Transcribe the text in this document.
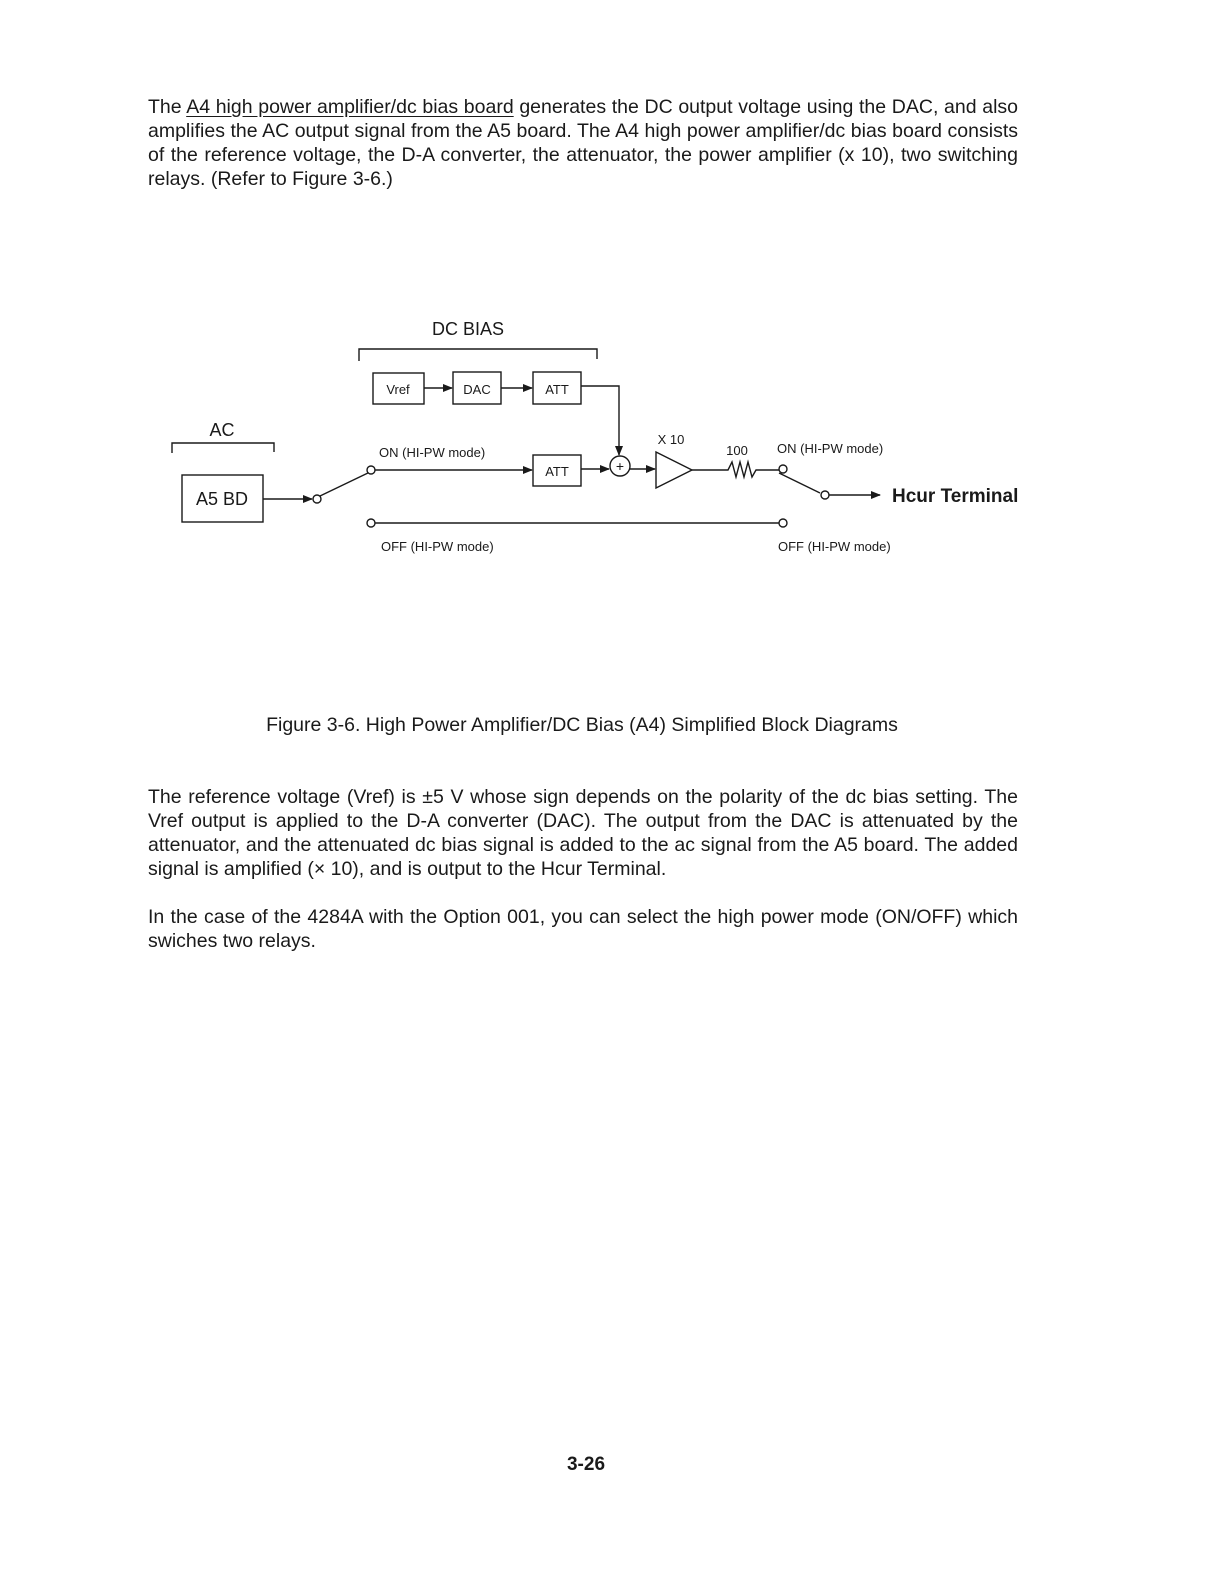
The A4 high power amplifier/dc bias board generates the DC output voltage using the DAC, and also amplifies the AC output signal from the A5 board. The A4 high power amplifier/dc bias board consists of the reference voltage, the D-A converter, the attenuator, the power amplifier (x 10), two switching relays. (Refer to Figure 3-6.)

DC BIAS
AC
Vref	DAC	ATT
ATT
A5 BD
+
X 10
100
ON (HI-PW mode)	ON (HI-PW mode)
OFF (HI-PW mode)	OFF (HI-PW mode)
Hcur Terminal

Figure 3-6. High Power Amplifier/DC Bias (A4) Simplified Block Diagrams

The reference voltage (Vref) is ±5 V whose sign depends on the polarity of the dc bias setting. The Vref output is applied to the D-A converter (DAC). The output from the DAC is attenuated by the attenuator, and the attenuated dc bias signal is added to the ac signal from the A5 board. The added signal is amplified (× 10), and is output to the Hcur Terminal.

In the case of the 4284A with the Option 001, you can select the high power mode (ON/OFF) which swiches two relays.

3-26
